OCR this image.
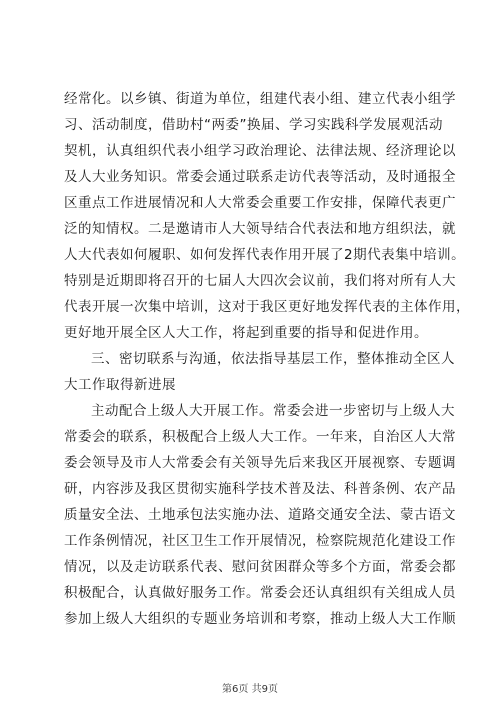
经常化。以乡镇、街道为单位，组建代表小组、建立代表小组学
习、活动制度，借助村“两委”换届、学习实践科学发展观活动
契机，认真组织代表小组学习政治理论、法律法规、经济理论以
及人大业务知识。常委会通过联系走访代表等活动，及时通报全
区重点工作进展情况和人大常委会重要工作安排，保障代表更广
泛的知情权。二是邀请市人大领导结合代表法和地方组织法，就
人大代表如何履职、如何发挥代表作用开展了2期代表集中培训。
特别是近期即将召开的七届人大四次会议前，我们将对所有人大
代表开展一次集中培训，这对于我区更好地发挥代表的主体作用，
更好地开展全区人大工作，将起到重要的指导和促进作用。
三、密切联系与沟通，依法指导基层工作，整体推动全区人
大工作取得新进展
主动配合上级人大开展工作。常委会进一步密切与上级人大
常委会的联系，积极配合上级人大工作。一年来，自治区人大常
委会领导及市人大常委会有关领导先后来我区开展视察、专题调
研，内容涉及我区贯彻实施科学技术普及法、科普条例、农产品
质量安全法、土地承包法实施办法、道路交通安全法、蒙古语文
工作条例情况，社区卫生工作开展情况，检察院规范化建设工作
情况，以及走访联系代表、慰问贫困群众等多个方面，常委会都
积极配合，认真做好服务工作。常委会还认真组织有关组成人员
参加上级人大组织的专题业务培训和考察，推动上级人大工作顺
第6页 共9页
